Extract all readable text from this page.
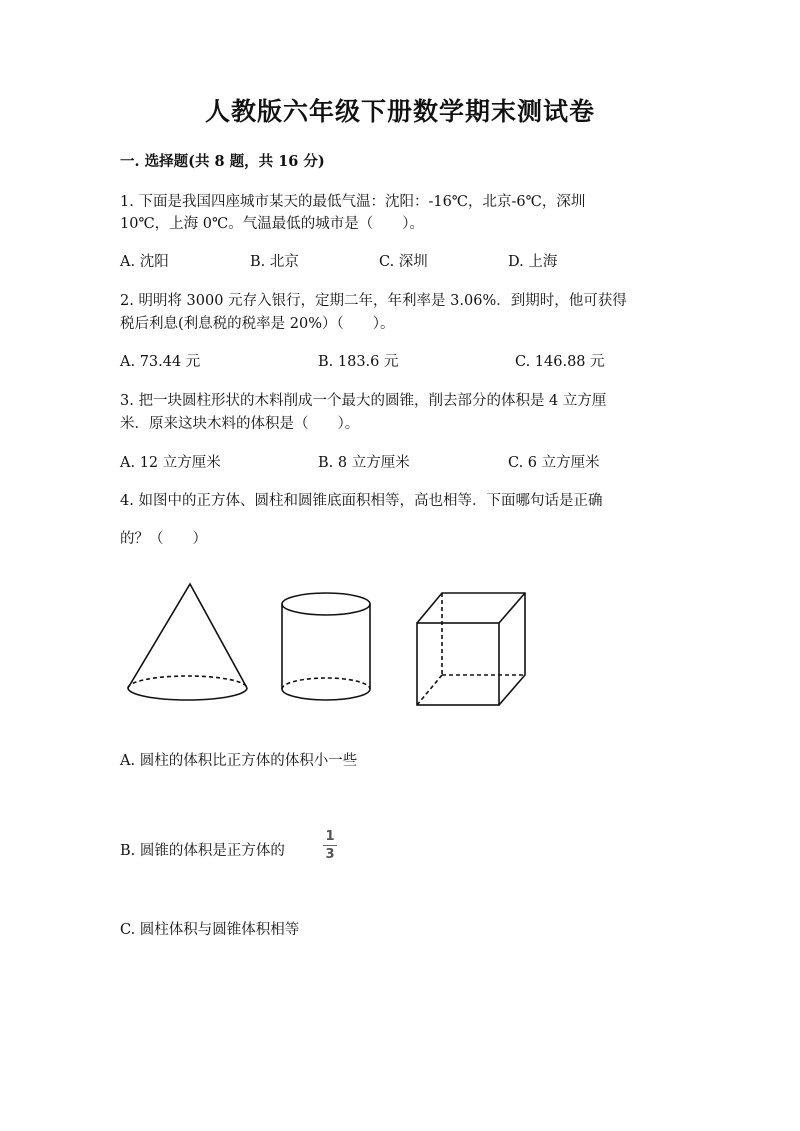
人教版六年级下册数学期末测试卷
一. 选择题(共 8 题，共 16 分)
1. 下面是我国四座城市某天的最低气温：沈阳：-16℃，北京-6℃，深圳
10℃，上海 0℃。气温最低的城市是（　　）。
A. 沈阳	B. 北京	C. 深圳	D. 上海
2. 明明将 3000 元存入银行，定期二年，年利率是 3.06%．到期时，他可获得
税后利息(利息税的税率是 20%）（　　）。
A. 73.44 元	B. 183.6 元	C. 146.88 元
3. 把一块圆柱形状的木料削成一个最大的圆锥，削去部分的体积是 4 立方厘
米．原来这块木料的体积是（　　）。
A. 12 立方厘米	B. 8 立方厘米	C. 6 立方厘米
4. 如图中的正方体、圆柱和圆锥底面积相等，高也相等．下面哪句话是正确
的？（　　）
A. 圆柱的体积比正方体的体积小一些
B. 圆锥的体积是正方体的
1
3
C. 圆柱体积与圆锥体积相等
